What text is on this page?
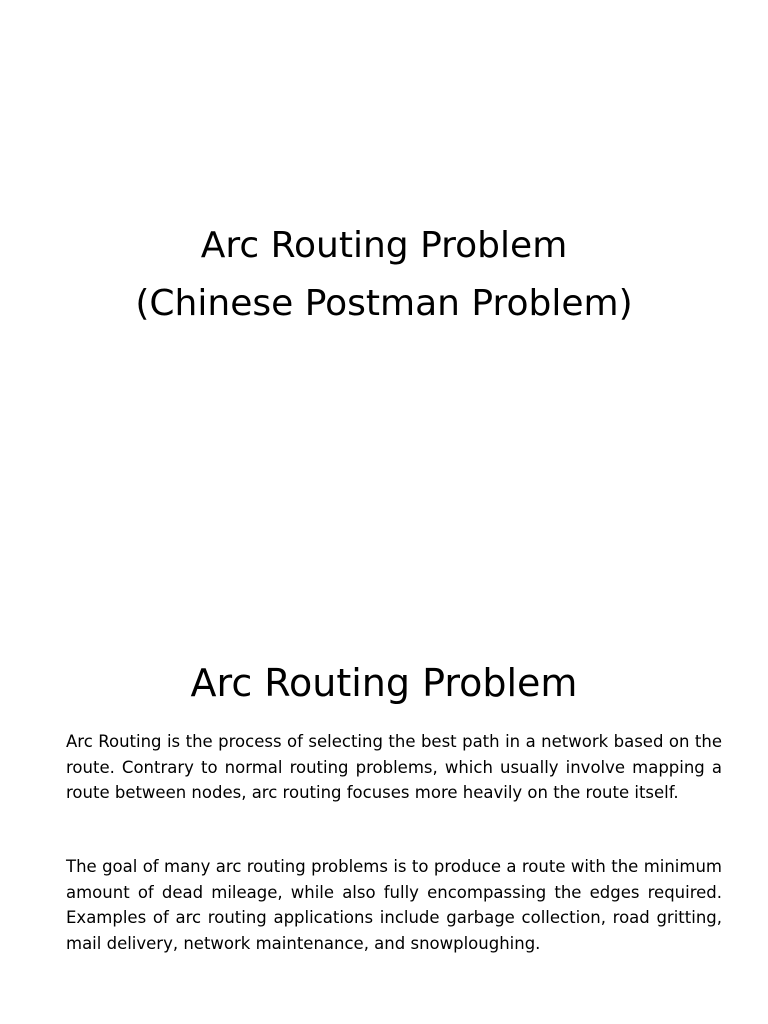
Arc Routing Problem
(Chinese Postman Problem)
Arc Routing Problem

Arc Routing is the process of selecting the best path in a network based on the route. Contrary to normal routing problems, which usually involve mapping a route between nodes, arc routing focuses more heavily on the route itself.

The goal of many arc routing problems is to produce a route with the minimum amount of dead mileage, while also fully encompassing the edges required. Examples of arc routing applications include garbage collection, road gritting, mail delivery, network maintenance, and snowploughing.
